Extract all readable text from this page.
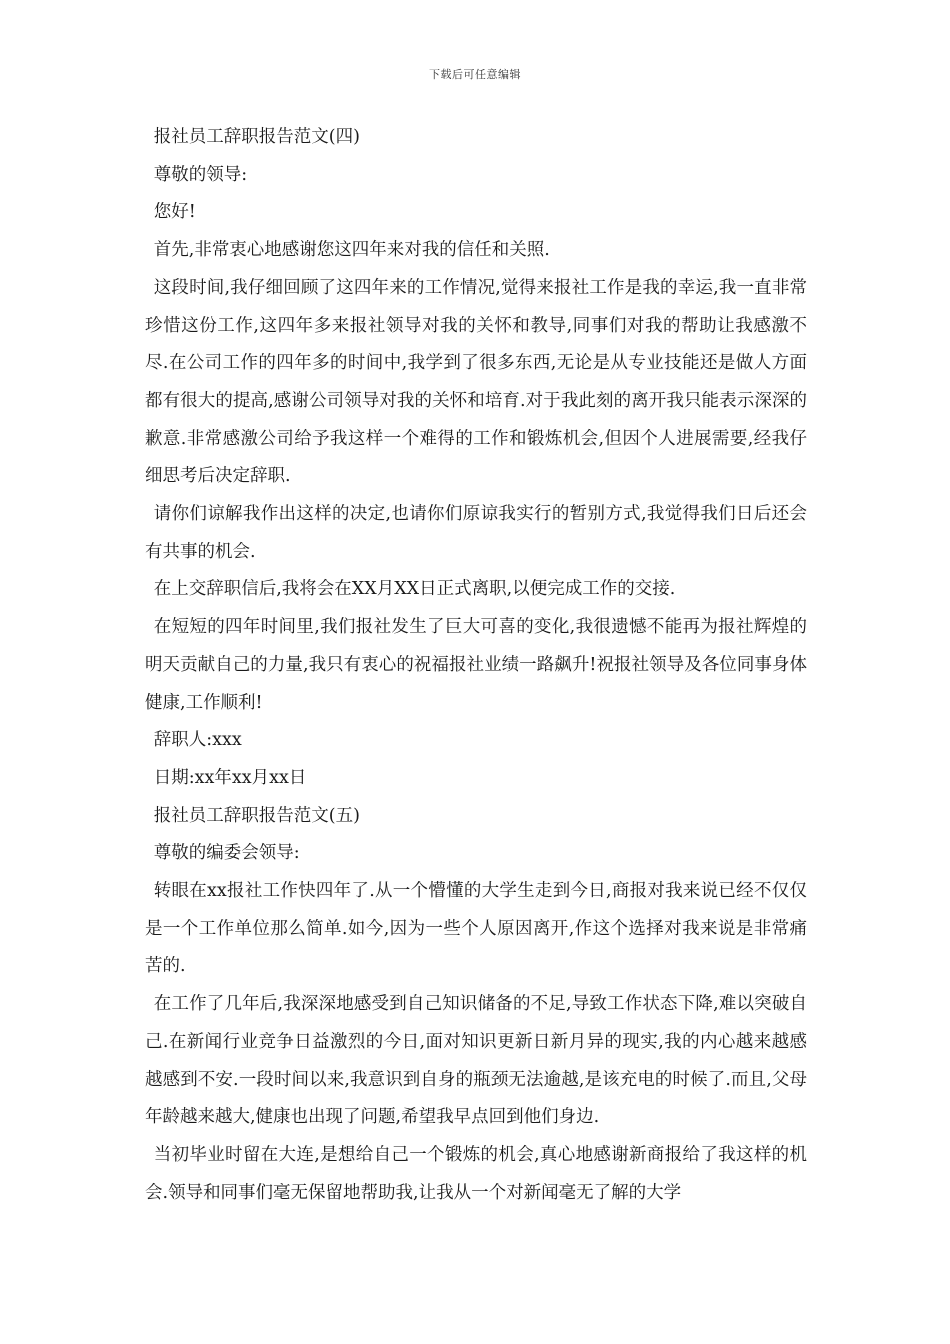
下载后可任意编辑

报社员工辞职报告范文(四)

尊敬的领导:

您好!

首先,非常衷心地感谢您这四年来对我的信任和关照.

这段时间,我仔细回顾了这四年来的工作情况,觉得来报社工作是我的幸运,我一直非常珍惜这份工作,这四年多来报社领导对我的关怀和教导,同事们对我的帮助让我感激不尽.在公司工作的四年多的时间中,我学到了很多东西,无论是从专业技能还是做人方面都有很大的提高,感谢公司领导对我的关怀和培育.对于我此刻的离开我只能表示深深的歉意.非常感激公司给予我这样一个难得的工作和锻炼机会,但因个人进展需要,经我仔细思考后决定辞职.

请你们谅解我作出这样的决定,也请你们原谅我实行的暂别方式,我觉得我们日后还会有共事的机会.

在上交辞职信后,我将会在XX月XX日正式离职,以便完成工作的交接.

在短短的四年时间里,我们报社发生了巨大可喜的变化,我很遗憾不能再为报社辉煌的明天贡献自己的力量,我只有衷心的祝福报社业绩一路飙升!祝报社领导及各位同事身体健康,工作顺利!

辞职人:xxx

日期:xx年xx月xx日

报社员工辞职报告范文(五)

尊敬的编委会领导:

转眼在xx报社工作快四年了.从一个懵懂的大学生走到今日,商报对我来说已经不仅仅是一个工作单位那么简单.如今,因为一些个人原因离开,作这个选择对我来说是非常痛苦的.

在工作了几年后,我深深地感受到自己知识储备的不足,导致工作状态下降,难以突破自己.在新闻行业竞争日益激烈的今日,面对知识更新日新月异的现实,我的内心越来越感越感到不安.一段时间以来,我意识到自身的瓶颈无法逾越,是该充电的时候了.而且,父母年龄越来越大,健康也出现了问题,希望我早点回到他们身边.

当初毕业时留在大连,是想给自己一个锻炼的机会,真心地感谢新商报给了我这样的机会.领导和同事们毫无保留地帮助我,让我从一个对新闻毫无了解的大学
